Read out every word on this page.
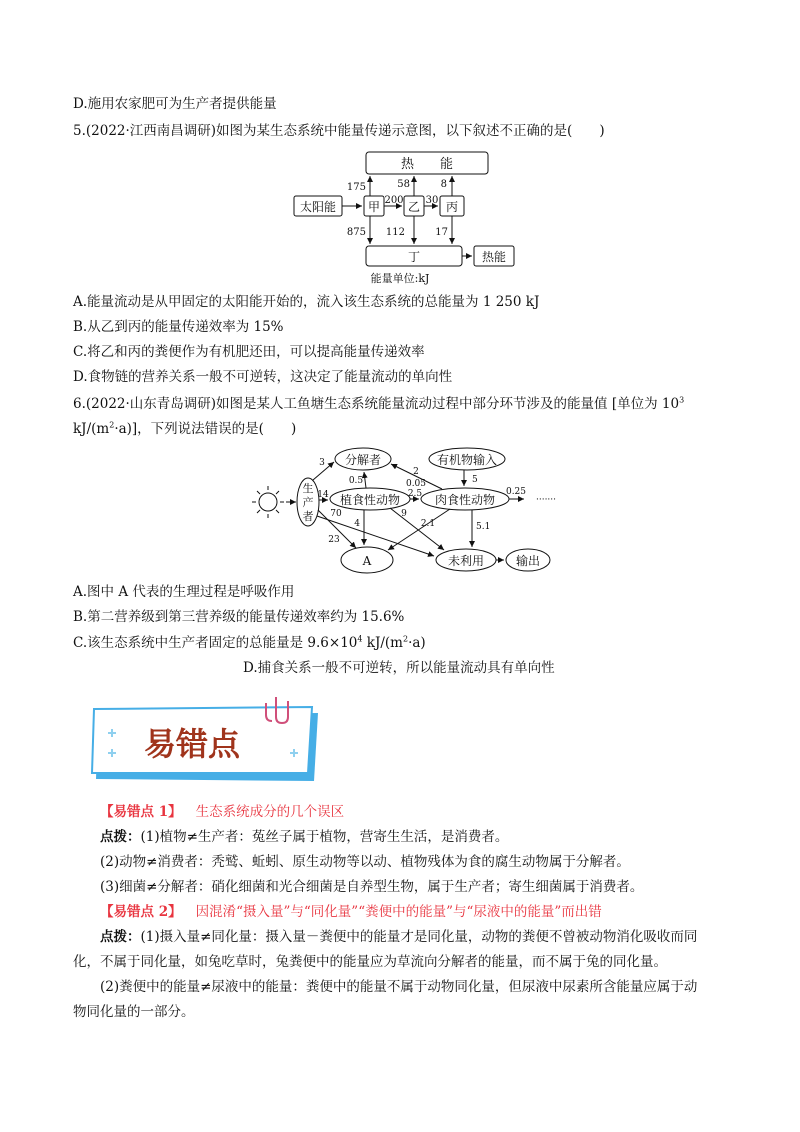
D.施用农家肥可为生产者提供能量
5.(2022·江西南昌调研)如图为某生态系统中能量传递示意图，以下叙述不正确的是(　　)
热　　能
太阳能	甲 乙 丙
丁	热能
175	58	8
200 30
875 112	17
能量单位:kJ
A.能量流动是从甲固定的太阳能开始的，流入该生态系统的总能量为 1 250 kJ
B.从乙到丙的能量传递效率为 15%
C.将乙和丙的粪便作为有机肥还田，可以提高能量传递效率
D.食物链的营养关系一般不可逆转，这决定了能量流动的单向性
6.(2022·山东青岛调研)如图是某人工鱼塘生态系统能量流动过程中部分环节涉及的能量值 [单位为 $10^3$
$kJ/(m^2\cdot a)$]，下列说法错误的是(　　)
生
产
者
分解者	有机物输入
植食性动物	肉食性动物
A	未利用	输出
3
0.5
2
0.05	5
0.25
·······
14	2.5
70
4
9
2.1	5.1
23
A.图中 A 代表的生理过程是呼吸作用
B.第二营养级到第三营养级的能量传递效率约为 15.6%
C.该生态系统中生产者固定的总能量是 $9.6\times 10^4$ $kJ/(m^2\cdot a)$
D.捕食关系一般不可逆转，所以能量流动具有单向性
易错点
【易错点 1】 生态系统成分的几个误区
点拨：(1)植物≠生产者：菟丝子属于植物，营寄生生活，是消费者。
(2)动物≠消费者：秃鹫、蚯蚓、原生动物等以动、植物残体为食的腐生动物属于分解者。
(3)细菌≠分解者：硝化细菌和光合细菌是自养型生物，属于生产者；寄生细菌属于消费者。
【易错点 2】 因混淆“摄入量”与“同化量”“粪便中的能量”与“尿液中的能量”而出错
点拨：(1)摄入量≠同化量：摄入量－粪便中的能量才是同化量，动物的粪便不曾被动物消化吸收而同
化，不属于同化量，如兔吃草时，兔粪便中的能量应为草流向分解者的能量，而不属于兔的同化量。
(2)粪便中的能量≠尿液中的能量：粪便中的能量不属于动物同化量，但尿液中尿素所含能量应属于动
物同化量的一部分。
